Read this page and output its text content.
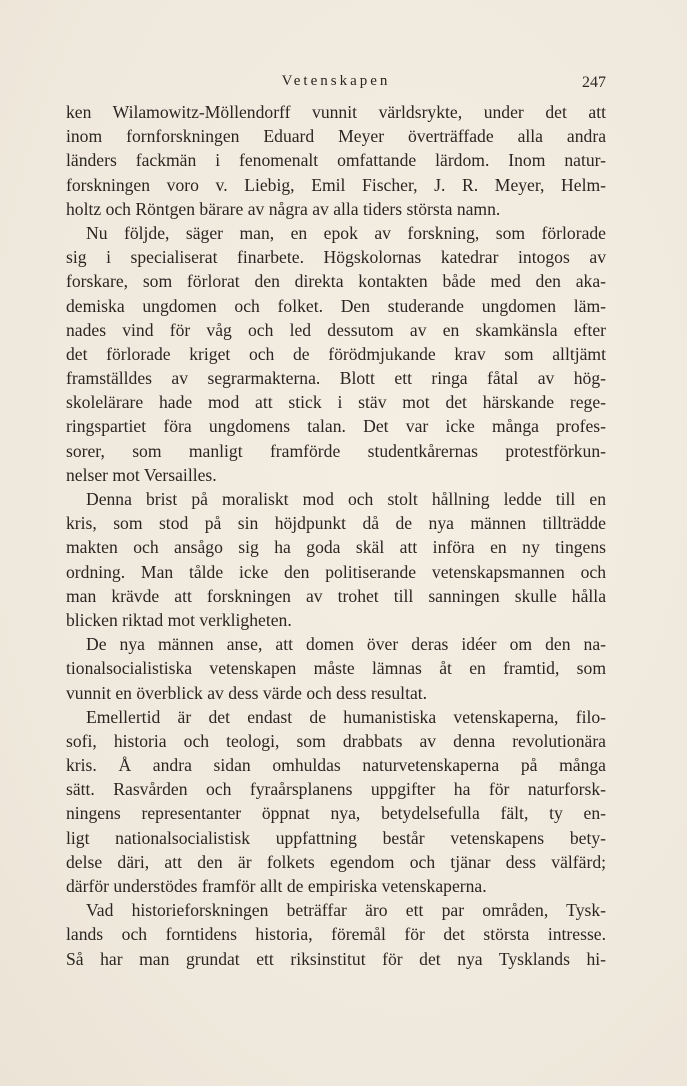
Vetenskapen	247
ken Wilamowitz-Möllendorff vunnit världsrykte, under det att
inom fornforskningen Eduard Meyer överträffade alla andra
länders fackmän i fenomenalt omfattande lärdom. Inom natur-
forskningen voro v. Liebig, Emil Fischer, J. R. Meyer, Helm-
holtz och Röntgen bärare av några av alla tiders största namn.
Nu följde, säger man, en epok av forskning, som förlorade
sig i specialiserat finarbete. Högskolornas katedrar intogos av
forskare, som förlorat den direkta kontakten både med den aka-
demiska ungdomen och folket. Den studerande ungdomen läm-
nades vind för våg och led dessutom av en skamkänsla efter
det förlorade kriget och de förödmjukande krav som alltjämt
framställdes av segrarmakterna. Blott ett ringa fåtal av hög-
skolelärare hade mod att stick i stäv mot det härskande rege-
ringspartiet föra ungdomens talan. Det var icke många profes-
sorer, som manligt framförde studentkårernas protestförkun-
nelser mot Versailles.
Denna brist på moraliskt mod och stolt hållning ledde till en
kris, som stod på sin höjdpunkt då de nya männen tillträdde
makten och ansågo sig ha goda skäl att införa en ny tingens
ordning. Man tålde icke den politiserande vetenskapsmannen och
man krävde att forskningen av trohet till sanningen skulle hålla
blicken riktad mot verkligheten.
De nya männen anse, att domen över deras idéer om den na-
tionalsocialistiska vetenskapen måste lämnas åt en framtid, som
vunnit en överblick av dess värde och dess resultat.
Emellertid är det endast de humanistiska vetenskaperna, filo-
sofi, historia och teologi, som drabbats av denna revolutionära
kris. Å andra sidan omhuldas naturvetenskaperna på många
sätt. Rasvården och fyraårsplanens uppgifter ha för naturforsk-
ningens representanter öppnat nya, betydelsefulla fält, ty en-
ligt nationalsocialistisk uppfattning består vetenskapens bety-
delse däri, att den är folkets egendom och tjänar dess välfärd;
därför understödes framför allt de empiriska vetenskaperna.
Vad historieforskningen beträffar äro ett par områden, Tysk-
lands och forntidens historia, föremål för det största intresse.
Så har man grundat ett riksinstitut för det nya Tysklands hi-
